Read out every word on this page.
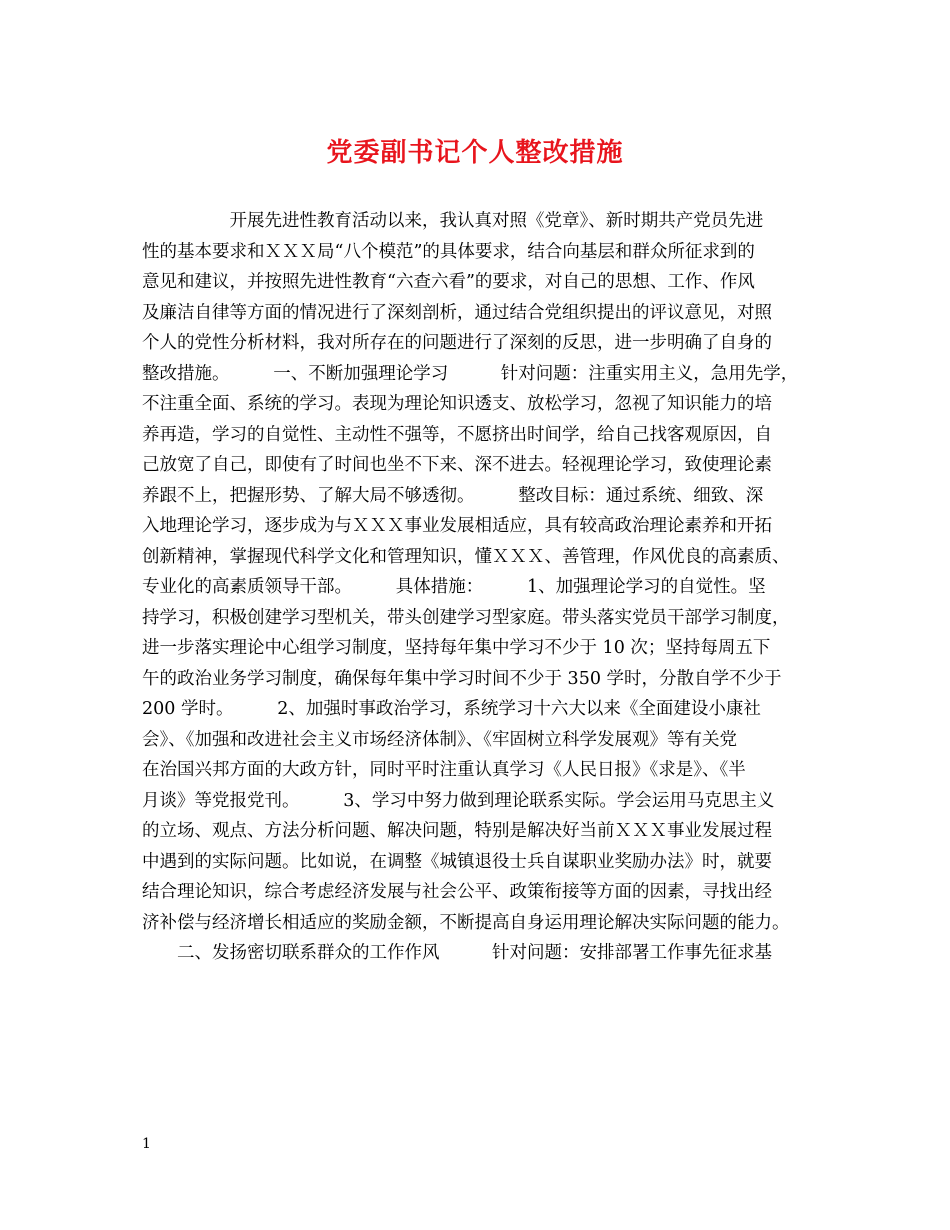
党委副书记个人整改措施
　　　　　开展先进性教育活动以来，我认真对照《党章》、新时期共产党员先进
性的基本要求和ＸＸＸ局“八个模范”的具体要求，结合向基层和群众所征求到的
意见和建议，并按照先进性教育“六查六看”的要求，对自己的思想、工作、作风
及廉洁自律等方面的情况进行了深刻剖析，通过结合党组织提出的评议意见，对照
个人的党性分析材料，我对所存在的问题进行了深刻的反思，进一步明确了自身的
整改措施。　　　一、不断加强理论学习　　　针对问题：注重实用主义，急用先学，
不注重全面、系统的学习。表现为理论知识透支、放松学习，忽视了知识能力的培
养再造，学习的自觉性、主动性不强等，不愿挤出时间学，给自己找客观原因，自
己放宽了自己，即使有了时间也坐不下来、深不进去。轻视理论学习，致使理论素
养跟不上，把握形势、了解大局不够透彻。　　　整改目标：通过系统、细致、深
入地理论学习，逐步成为与ＸＸＸ事业发展相适应，具有较高政治理论素养和开拓
创新精神，掌握现代科学文化和管理知识，懂ＸＸＸ、善管理，作风优良的高素质、
专业化的高素质领导干部。　　　具体措施：　　　1、加强理论学习的自觉性。坚
持学习，积极创建学习型机关，带头创建学习型家庭。带头落实党员干部学习制度，
进一步落实理论中心组学习制度，坚持每年集中学习不少于 10 次；坚持每周五下
午的政治业务学习制度，确保每年集中学习时间不少于 350 学时，分散自学不少于
200 学时。　　　2、加强时事政治学习，系统学习十六大以来《全面建设小康社
会》、《加强和改进社会主义市场经济体制》、《牢固树立科学发展观》等有关党
在治国兴邦方面的大政方针，同时平时注重认真学习《人民日报》《求是》、《半
月谈》等党报党刊。　　　3、学习中努力做到理论联系实际。学会运用马克思主义
的立场、观点、方法分析问题、解决问题，特别是解决好当前ＸＸＸ事业发展过程
中遇到的实际问题。比如说，在调整《城镇退役士兵自谋职业奖励办法》时，就要
结合理论知识，综合考虑经济发展与社会公平、政策衔接等方面的因素，寻找出经
济补偿与经济增长相适应的奖励金额，不断提高自身运用理论解决实际问题的能力。
　　二、发扬密切联系群众的工作作风　　　针对问题：安排部署工作事先征求基
1
